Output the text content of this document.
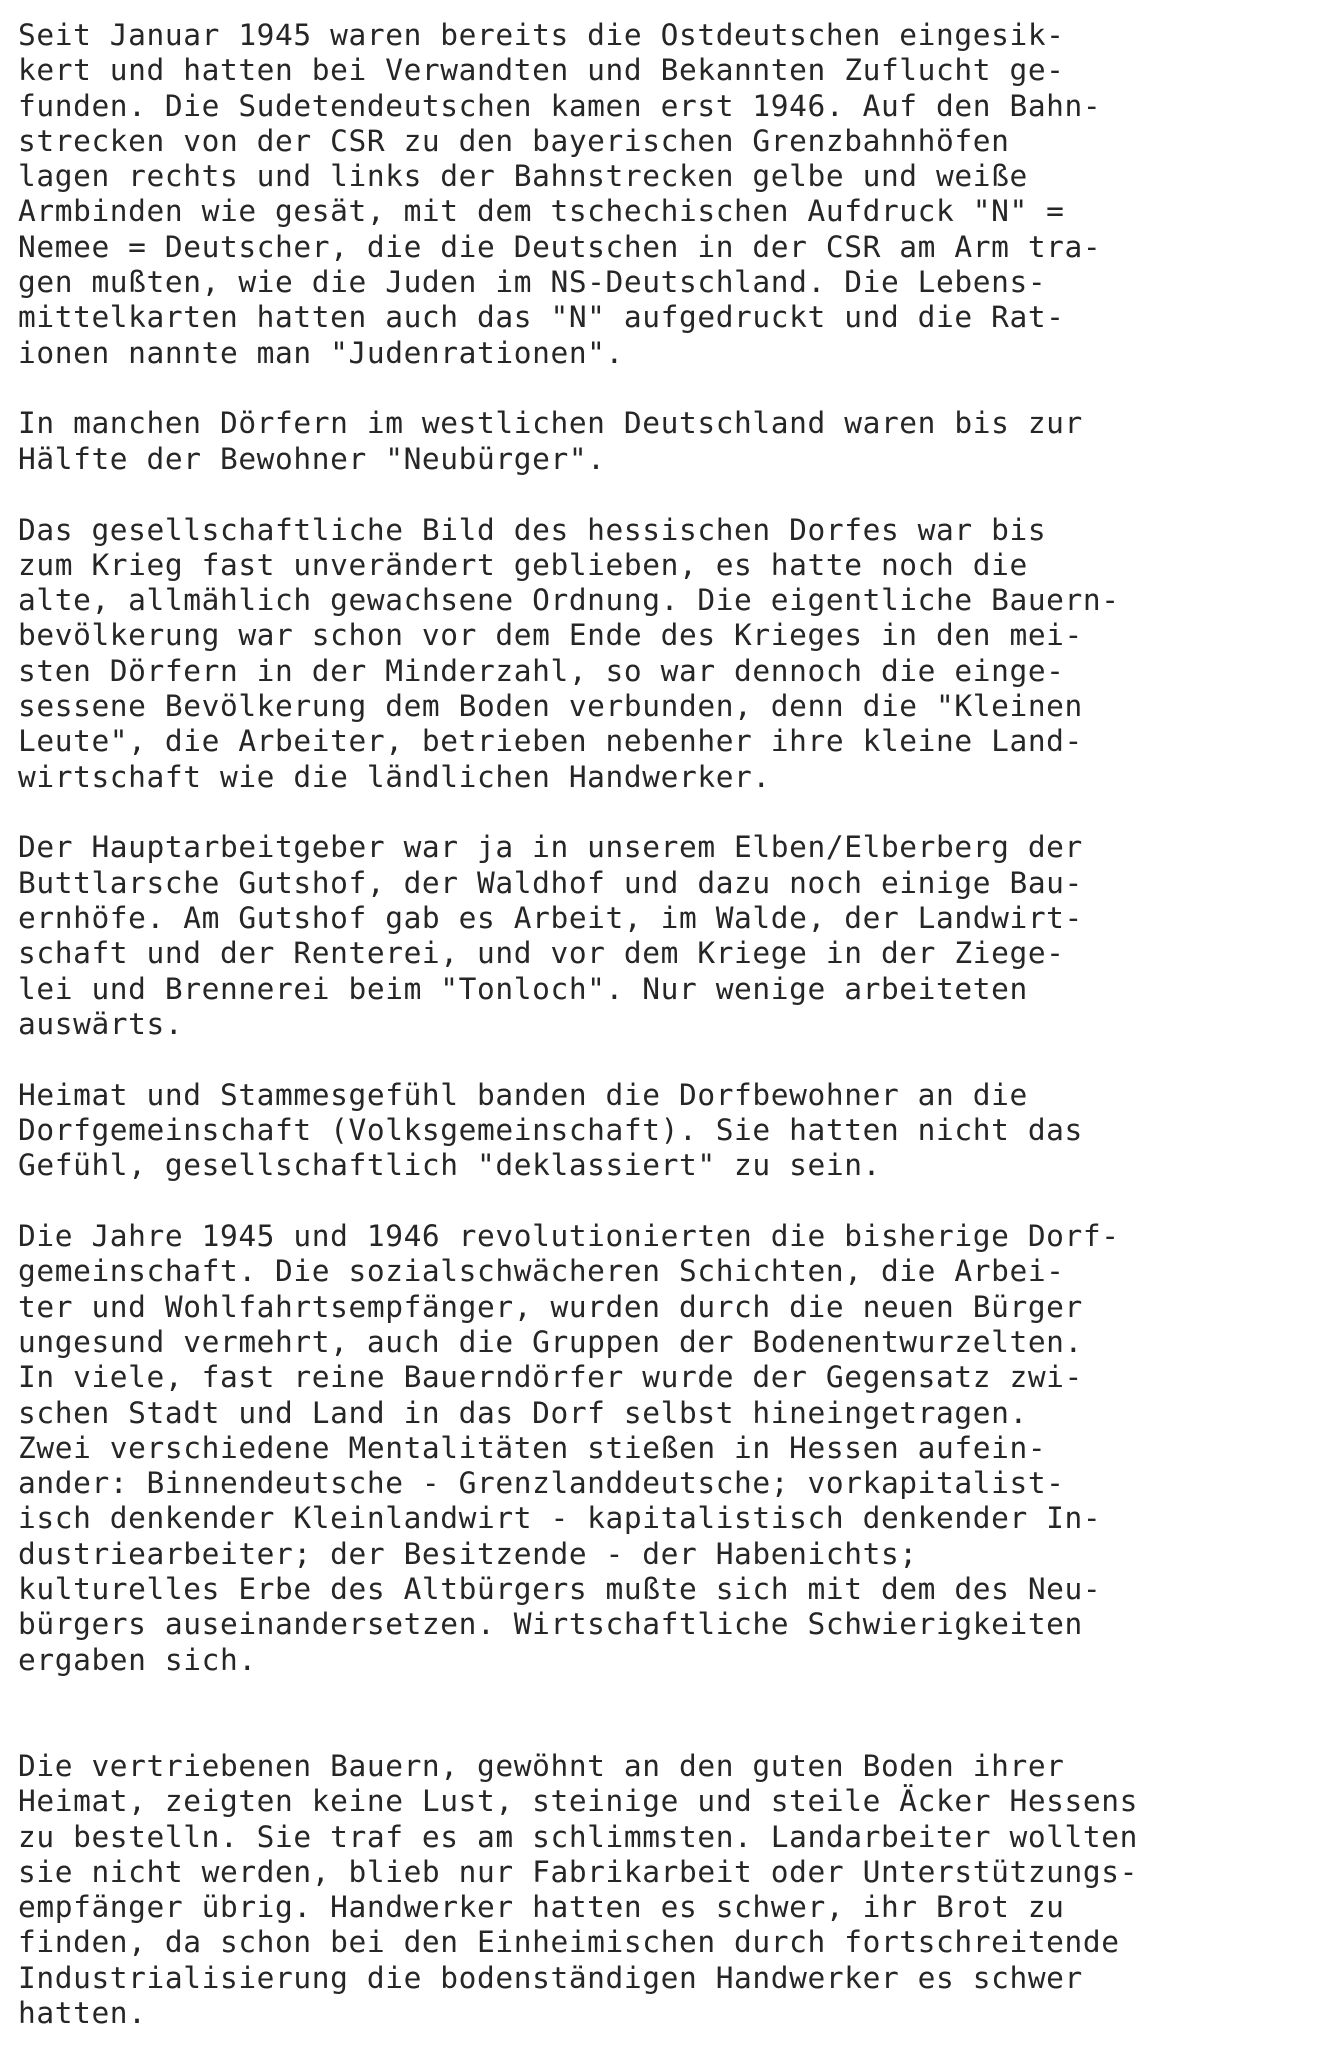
Seit Januar 1945 waren bereits die Ostdeutschen eingesik-
kert und hatten bei Verwandten und Bekannten Zuflucht ge-
funden. Die Sudetendeutschen kamen erst 1946. Auf den Bahn-
strecken von der CSR zu den bayerischen Grenzbahnhöfen
lagen rechts und links der Bahnstrecken gelbe und weiße
Armbinden wie gesät, mit dem tschechischen Aufdruck "N" =
Nemee = Deutscher, die die Deutschen in der CSR am Arm tra-
gen mußten, wie die Juden im NS-Deutschland. Die Lebens-
mittelkarten hatten auch das "N" aufgedruckt und die Rat-
ionen nannte man "Judenrationen".
In manchen Dörfern im westlichen Deutschland waren bis zur
Hälfte der Bewohner "Neubürger".
Das gesellschaftliche Bild des hessischen Dorfes war bis
zum Krieg fast unverändert geblieben, es hatte noch die
alte, allmählich gewachsene Ordnung. Die eigentliche Bauern-
bevölkerung war schon vor dem Ende des Krieges in den mei-
sten Dörfern in der Minderzahl, so war dennoch die einge-
sessene Bevölkerung dem Boden verbunden, denn die "Kleinen
Leute", die Arbeiter, betrieben nebenher ihre kleine Land-
wirtschaft wie die ländlichen Handwerker.
Der Hauptarbeitgeber war ja in unserem Elben/Elberberg der
Buttlarsche Gutshof, der Waldhof und dazu noch einige Bau-
ernhöfe. Am Gutshof gab es Arbeit, im Walde, der Landwirt-
schaft und der Renterei, und vor dem Kriege in der Ziege-
lei und Brennerei beim "Tonloch". Nur wenige arbeiteten
auswärts.
Heimat und Stammesgefühl banden die Dorfbewohner an die
Dorfgemeinschaft (Volksgemeinschaft). Sie hatten nicht das
Gefühl, gesellschaftlich "deklassiert" zu sein.
Die Jahre 1945 und 1946 revolutionierten die bisherige Dorf-
gemeinschaft. Die sozialschwächeren Schichten, die Arbei-
ter und Wohlfahrtsempfänger, wurden durch die neuen Bürger
ungesund vermehrt, auch die Gruppen der Bodenentwurzelten.
In viele, fast reine Bauerndörfer wurde der Gegensatz zwi-
schen Stadt und Land in das Dorf selbst hineingetragen.
Zwei verschiedene Mentalitäten stießen in Hessen aufein-
ander: Binnendeutsche - Grenzlanddeutsche; vorkapitalist-
isch denkender Kleinlandwirt - kapitalistisch denkender In-
dustriearbeiter; der Besitzende - der Habenichts;
kulturelles Erbe des Altbürgers mußte sich mit dem des Neu-
bürgers auseinandersetzen. Wirtschaftliche Schwierigkeiten
ergaben sich.
Die vertriebenen Bauern, gewöhnt an den guten Boden ihrer
Heimat, zeigten keine Lust, steinige und steile Äcker Hessens
zu bestelln. Sie traf es am schlimmsten. Landarbeiter wollten
sie nicht werden, blieb nur Fabrikarbeit oder Unterstützungs-
empfänger übrig. Handwerker hatten es schwer, ihr Brot zu
finden, da schon bei den Einheimischen durch fortschreitende
Industrialisierung die bodenständigen Handwerker es schwer
hatten.
